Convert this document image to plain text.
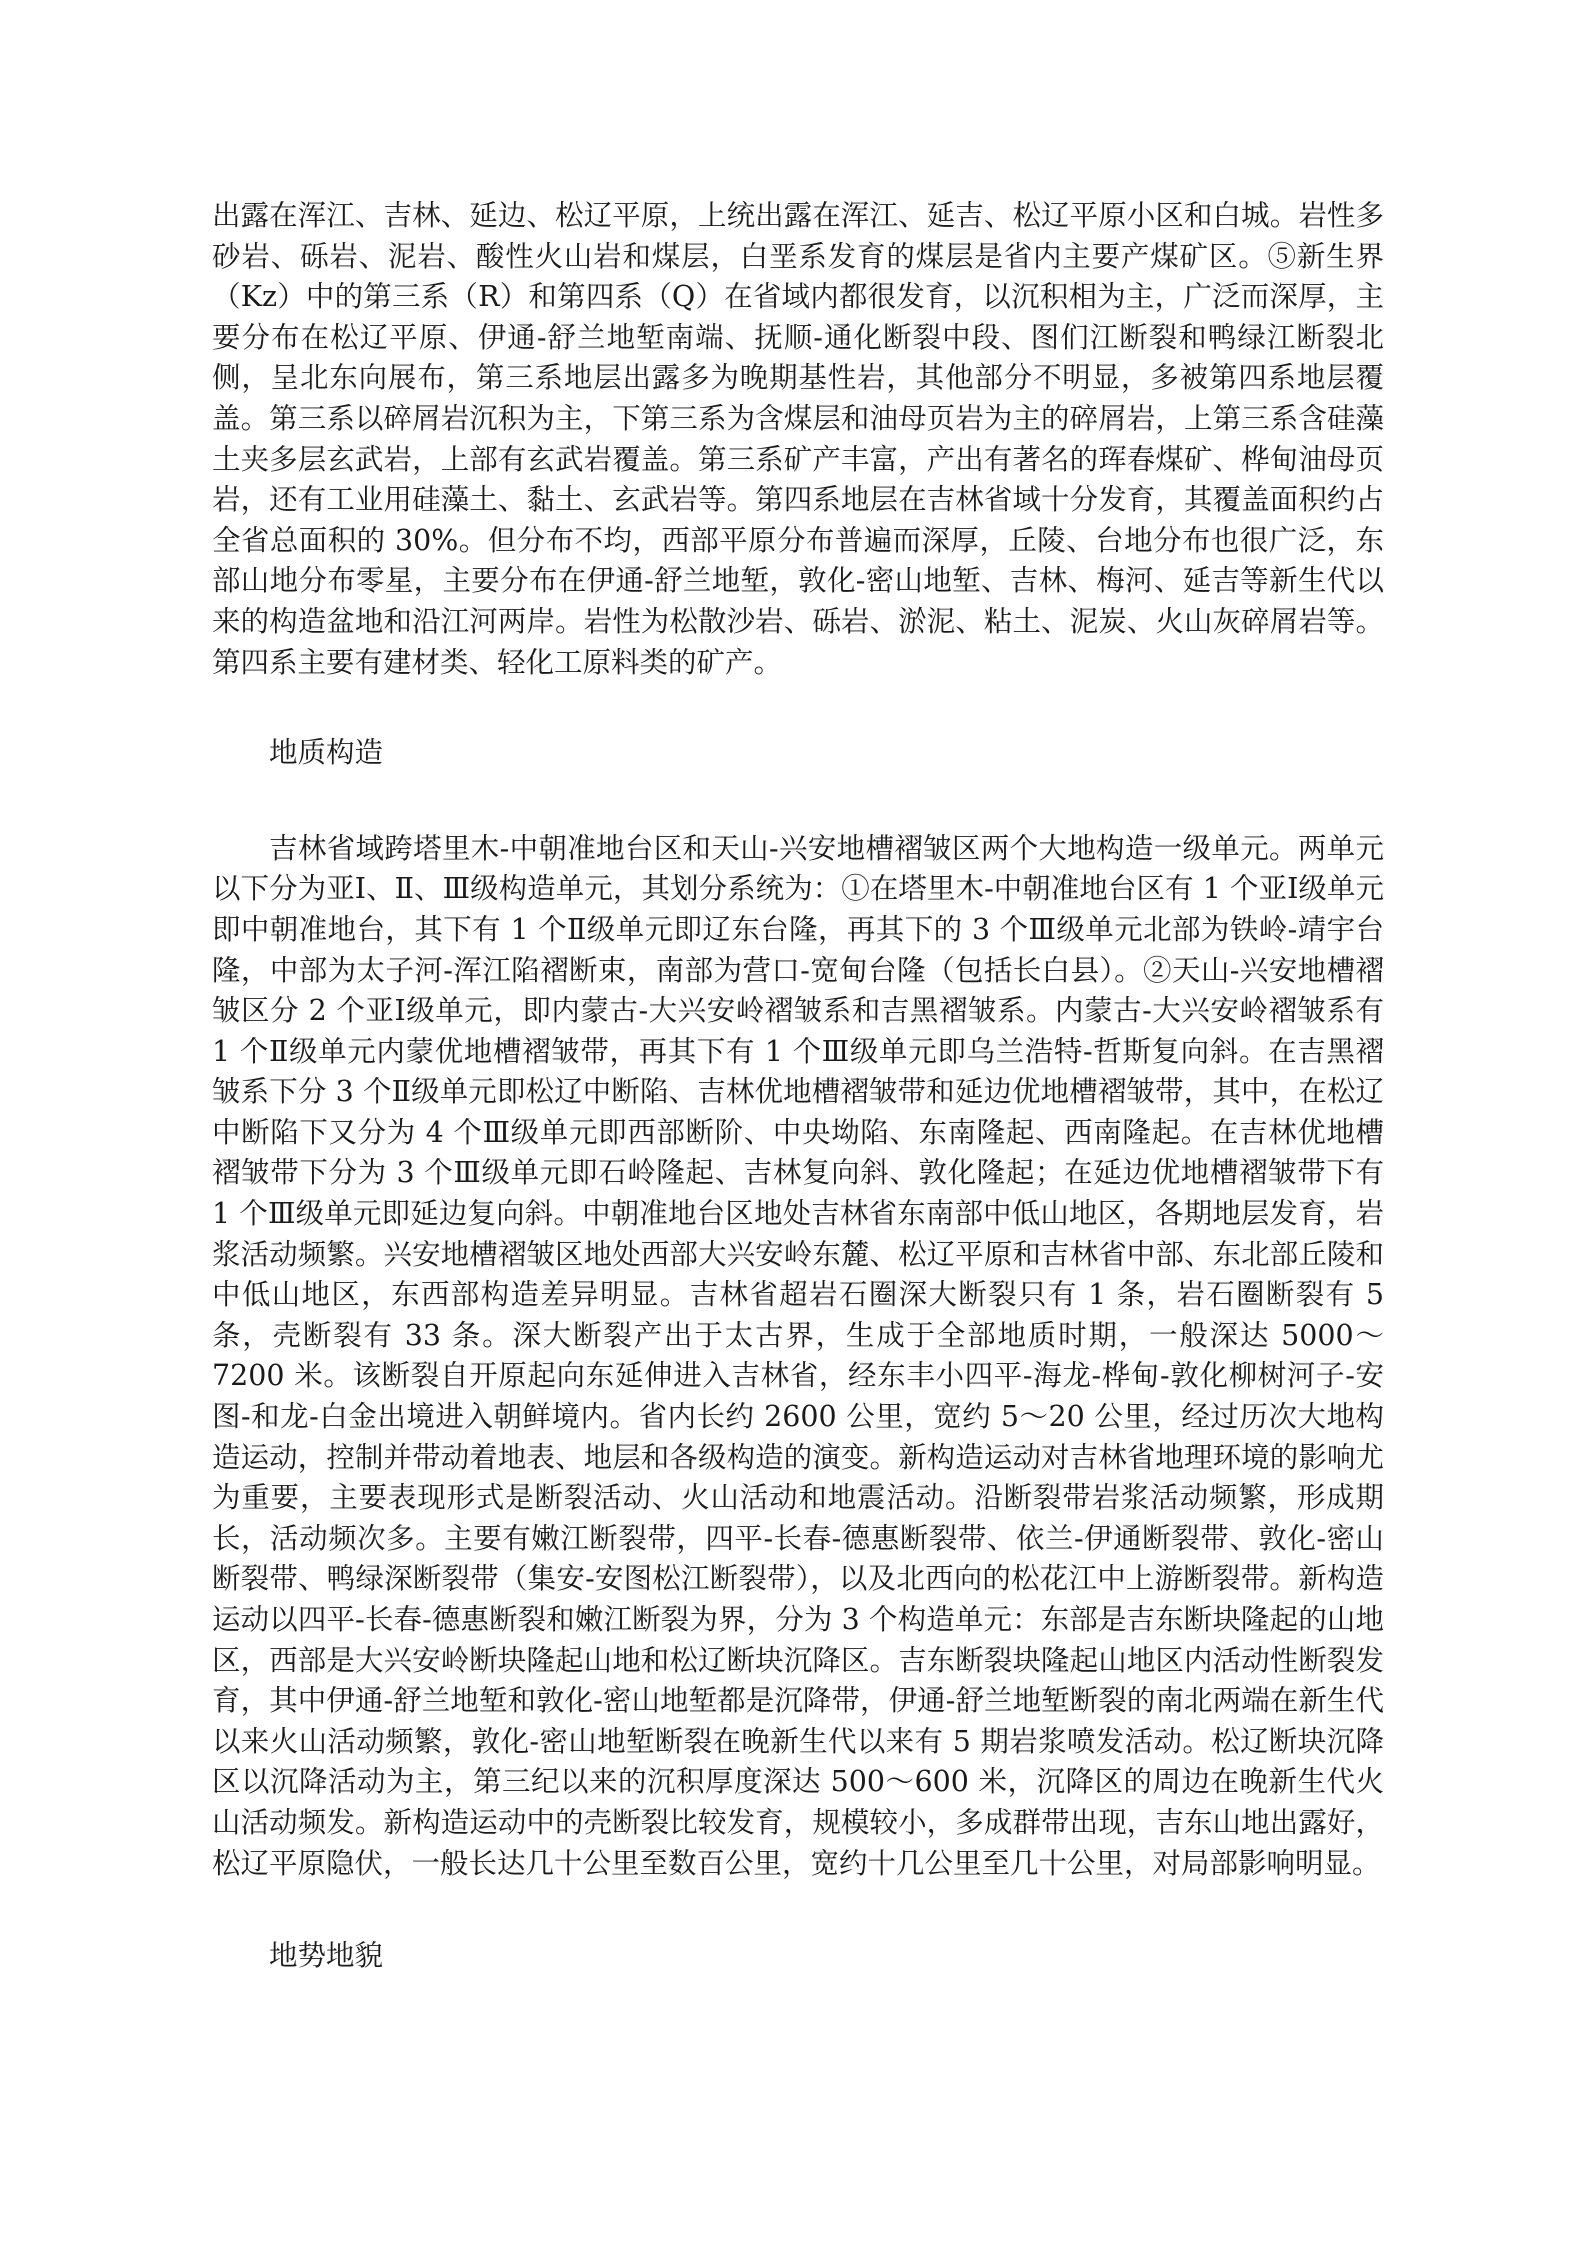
出露在浑江、吉林、延边、松辽平原，上统出露在浑江、延吉、松辽平原小区和白城。岩性多砂岩、砾岩、泥岩、酸性火山岩和煤层，白垩系发育的煤层是省内主要产煤矿区。⑤新生界（Kz）中的第三系（R）和第四系（Q）在省域内都很发育，以沉积相为主，广泛而深厚，主要分布在松辽平原、伊通-舒兰地堑南端、抚顺-通化断裂中段、图们江断裂和鸭绿江断裂北侧，呈北东向展布，第三系地层出露多为晚期基性岩，其他部分不明显，多被第四系地层覆盖。第三系以碎屑岩沉积为主，下第三系为含煤层和油母页岩为主的碎屑岩，上第三系含硅藻土夹多层玄武岩，上部有玄武岩覆盖。第三系矿产丰富，产出有著名的珲春煤矿、桦甸油母页岩，还有工业用硅藻土、黏土、玄武岩等。第四系地层在吉林省域十分发育，其覆盖面积约占全省总面积的 30%。但分布不均，西部平原分布普遍而深厚，丘陵、台地分布也很广泛，东部山地分布零星，主要分布在伊通-舒兰地堑，敦化-密山地堑、吉林、梅河、延吉等新生代以来的构造盆地和沿江河两岸。岩性为松散沙岩、砾岩、淤泥、粘土、泥炭、火山灰碎屑岩等。第四系主要有建材类、轻化工原料类的矿产。

地质构造

吉林省域跨塔里木-中朝准地台区和天山-兴安地槽褶皱区两个大地构造一级单元。两单元以下分为亚Ⅰ、Ⅱ、Ⅲ级构造单元，其划分系统为：①在塔里木-中朝准地台区有 1 个亚Ⅰ级单元即中朝准地台，其下有 1 个Ⅱ级单元即辽东台隆，再其下的 3 个Ⅲ级单元北部为铁岭-靖宇台隆，中部为太子河-浑江陷褶断束，南部为营口-宽甸台隆（包括长白县）。②天山-兴安地槽褶皱区分 2 个亚Ⅰ级单元，即内蒙古-大兴安岭褶皱系和吉黑褶皱系。内蒙古-大兴安岭褶皱系有 1 个Ⅱ级单元内蒙优地槽褶皱带，再其下有 1 个Ⅲ级单元即乌兰浩特-哲斯复向斜。在吉黑褶皱系下分 3 个Ⅱ级单元即松辽中断陷、吉林优地槽褶皱带和延边优地槽褶皱带，其中，在松辽中断陷下又分为 4 个Ⅲ级单元即西部断阶、中央坳陷、东南隆起、西南隆起。在吉林优地槽褶皱带下分为 3 个Ⅲ级单元即石岭隆起、吉林复向斜、敦化隆起；在延边优地槽褶皱带下有 1 个Ⅲ级单元即延边复向斜。中朝准地台区地处吉林省东南部中低山地区，各期地层发育，岩浆活动频繁。兴安地槽褶皱区地处西部大兴安岭东麓、松辽平原和吉林省中部、东北部丘陵和中低山地区，东西部构造差异明显。吉林省超岩石圈深大断裂只有 1 条，岩石圈断裂有 5 条，壳断裂有 33 条。深大断裂产出于太古界，生成于全部地质时期，一般深达 5000～7200 米。该断裂自开原起向东延伸进入吉林省，经东丰小四平-海龙-桦甸-敦化柳树河子-安图-和龙-白金出境进入朝鲜境内。省内长约 2600 公里，宽约 5～20 公里，经过历次大地构造运动，控制并带动着地表、地层和各级构造的演变。新构造运动对吉林省地理环境的影响尤为重要，主要表现形式是断裂活动、火山活动和地震活动。沿断裂带岩浆活动频繁，形成期长，活动频次多。主要有嫩江断裂带，四平-长春-德惠断裂带、依兰-伊通断裂带、敦化-密山断裂带、鸭绿深断裂带（集安-安图松江断裂带），以及北西向的松花江中上游断裂带。新构造运动以四平-长春-德惠断裂和嫩江断裂为界，分为 3 个构造单元：东部是吉东断块隆起的山地区，西部是大兴安岭断块隆起山地和松辽断块沉降区。吉东断裂块隆起山地区内活动性断裂发育，其中伊通-舒兰地堑和敦化-密山地堑都是沉降带，伊通-舒兰地堑断裂的南北两端在新生代以来火山活动频繁，敦化-密山地堑断裂在晚新生代以来有 5 期岩浆喷发活动。松辽断块沉降区以沉降活动为主，第三纪以来的沉积厚度深达 500～600 米，沉降区的周边在晚新生代火山活动频发。新构造运动中的壳断裂比较发育，规模较小，多成群带出现，吉东山地出露好，松辽平原隐伏，一般长达几十公里至数百公里，宽约十几公里至几十公里，对局部影响明显。

地势地貌
